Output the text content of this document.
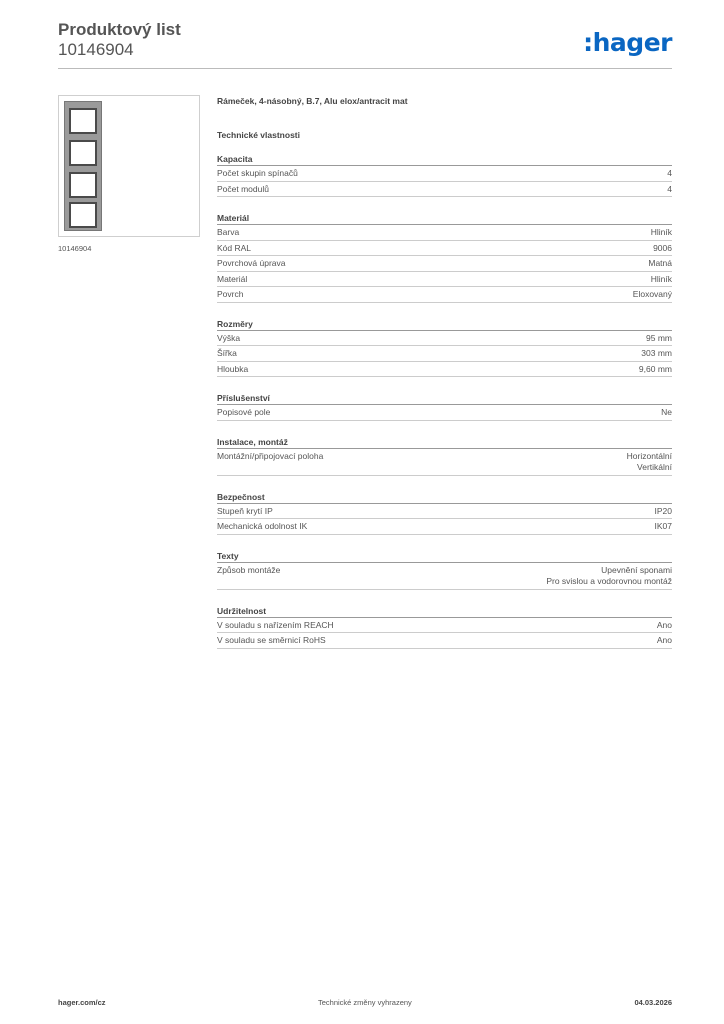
Produktový list
10146904	:hager
10146904
Rámeček, 4-násobný, B.7, Alu elox/antracit mat
Technické vlastnosti
Kapacita
Počet skupin spínačů	4
Počet modulů	4
Materiál
Barva	Hliník
Kód RAL	9006
Povrchová úprava	Matná
Materiál	Hliník
Povrch	Eloxovaný
Rozměry
Výška	95 mm
Šířka	303 mm
Hloubka	9,60 mm
Příslušenství
Popisové pole	Ne
Instalace, montáž
Montážní/připojovací poloha	Horizontální
Vertikální
Bezpečnost
Stupeň krytí IP	IP20
Mechanická odolnost IK	IK07
Texty
Způsob montáže	Upevnění sponami
Pro svislou a vodorovnou montáž
Udržitelnost
V souladu s nařízením REACH	Ano
V souladu se směrnicí RoHS	Ano
hager.com/cz	Technické změny vyhrazeny	04.03.2026
